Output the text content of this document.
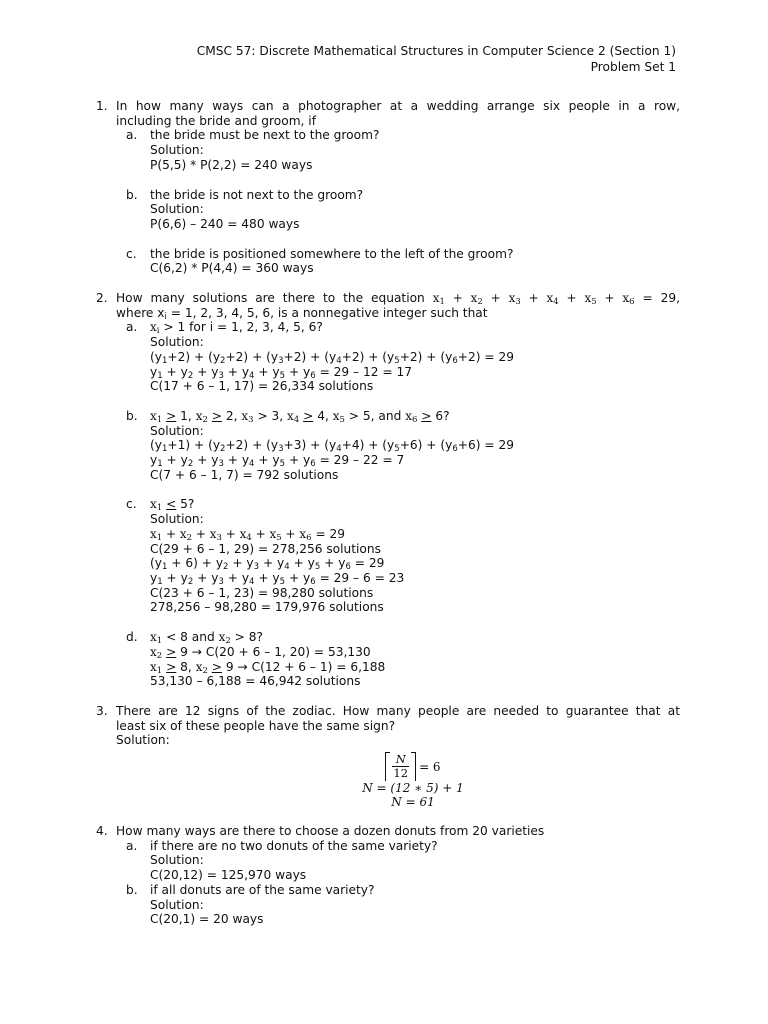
CMSC 57: Discrete Mathematical Structures in Computer Science 2 (Section 1)
Problem Set 1
1. In how many ways can a photographer at a wedding arrange six people in a row,
including the bride and groom, if
a.	the bride must be next to the groom?
Solution:
P(5,5) * P(2,2) = 240 ways
b.	the bride is not next to the groom?
Solution:
P(6,6) – 240 = 480 ways
c.	the bride is positioned somewhere to the left of the groom?
C(6,2) * P(4,4) = 360 ways
2. How many solutions are there to the equation $x_1 + x_2 + x_3 + x_4 + x_5 + x_6 = 29$,
where $x_i = 1$, 2, 3, 4, 5, 6, is a nonnegative integer such that
a.	$x_i > 1$ for i = 1, 2, 3, 4, 5, 6?
Solution:
$(y_1+2) + (y_2+2) + (y_3+2) + (y_4+2) + (y_5+2) + (y_6+2) = 29$
$y_1 + y_2 + y_3 + y_4 + y_5 + y_6 = 29 - 12 = 17$
C(17 + 6 – 1, 17) = 26,334 solutions
b.	$x_1 > 1$, $x_2 > 2$, $x_3 > 3$, $x_4 > 4$, $x_5 > 5$, and $x_6 > 6$?
Solution:
$(y_1+1) + (y_2+2) + (y_3+3) + (y_4+4) + (y_5+6) + (y_6+6) = 29$
$y_1 + y_2 + y_3 + y_4 + y_5 + y_6 = 29 - 22 = 7$
C(7 + 6 – 1, 7) = 792 solutions
c.	$x_1 < 5$?
Solution:
$x_1 + x_2 + x_3 + x_4 + x_5 + x_6 = 29$
C(29 + 6 – 1, 29) = 278,256 solutions
$(y_1 + 6) + y_2 + y_3 + y_4 + y_5 + y_6 = 29$
$y_1 + y_2 + y_3 + y_4 + y_5 + y_6 = 29 - 6 = 23$
C(23 + 6 – 1, 23) = 98,280 solutions
278,256 – 98,280 = 179,976 solutions
d.	$x_1 < 8$ and $x_2 > 8$?
$x_2 > 9 \to C(20 + 6 - 1$, 20) = 53,130
$x_1 > 8$, $x_2 > 9 \to C(12 + 6 - 1) = 6,188$
53,130 – 6,188 = 46,942 solutions
3. There are 12 signs of the zodiac. How many people are needed to guarantee that at
least six of these people have the same sign?
Solution:
$\frac{N}{12} = 6$
N = (12 ∗ 5) + 1
N = 61
4. How many ways are there to choose a dozen donuts from 20 varieties
a.	if there are no two donuts of the same variety?
Solution:
C(20,12) = 125,970 ways
b.	if all donuts are of the same variety?
Solution:
C(20,1) = 20 ways
